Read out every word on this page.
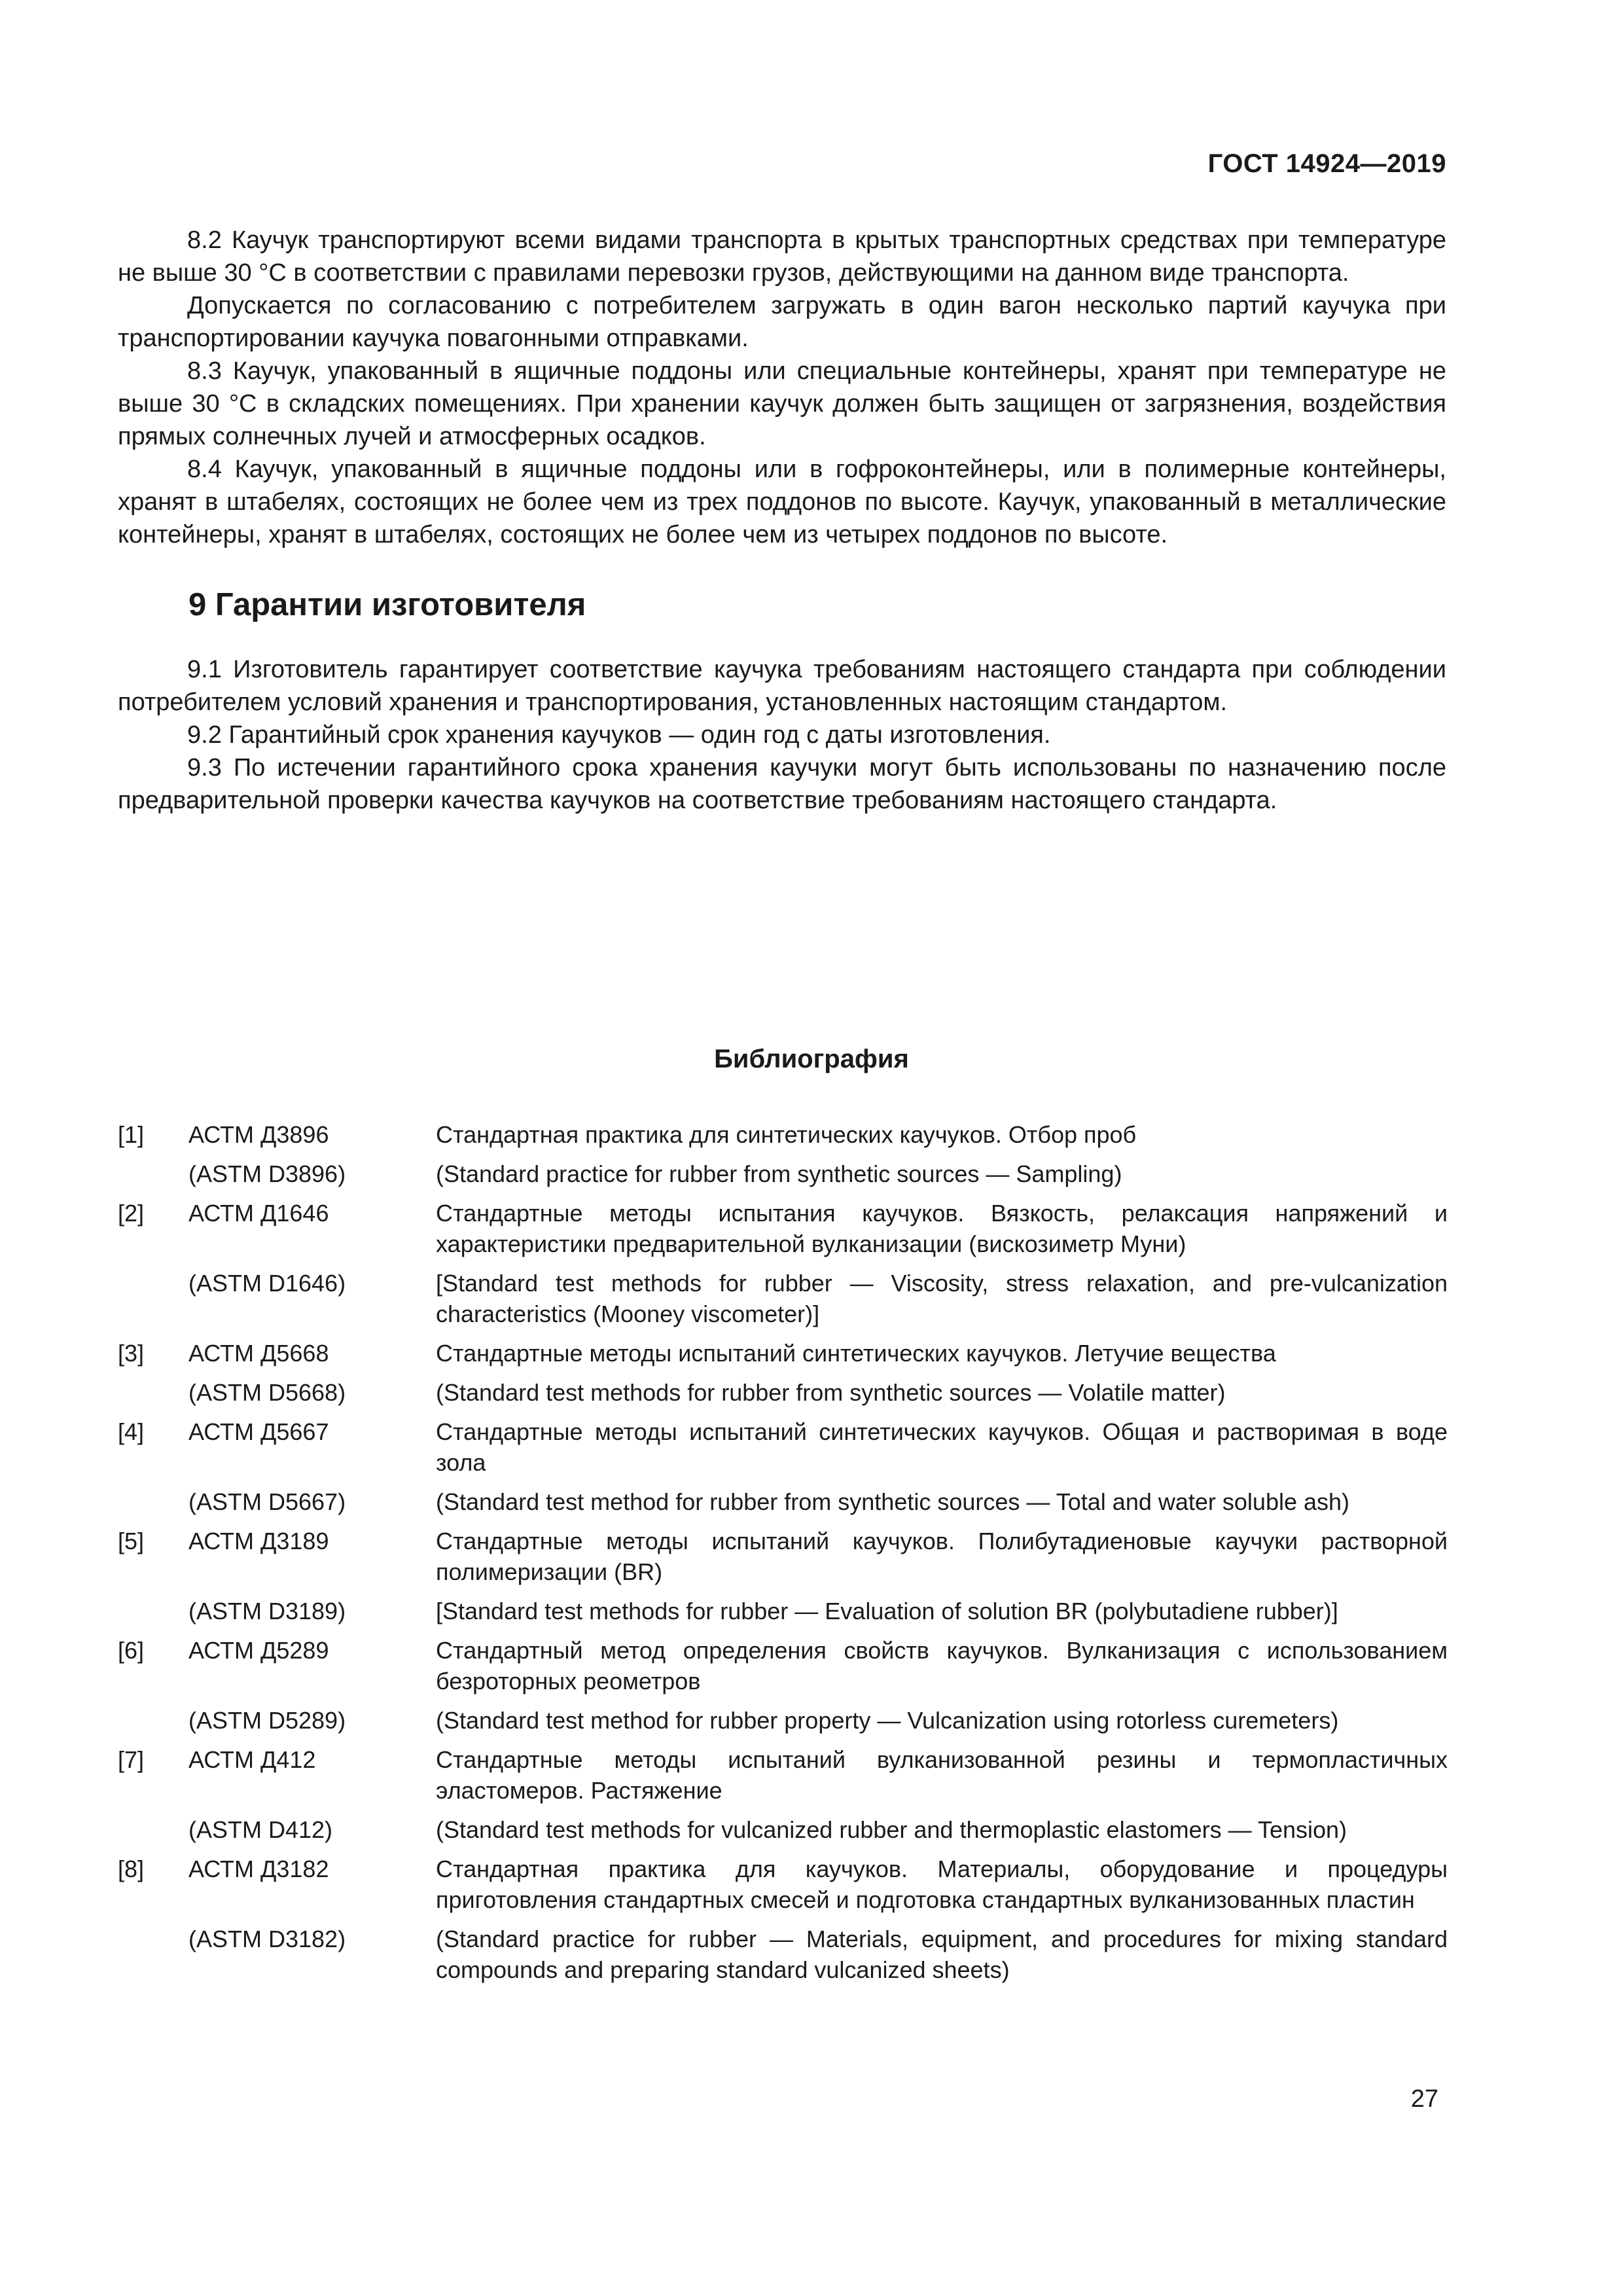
ГОСТ 14924—2019

8.2 Каучук транспортируют всеми видами транспорта в крытых транспортных средствах при температуре не выше 30 °С в соответствии с правилами перевозки грузов, действующими на данном виде транспорта.

Допускается по согласованию с потребителем загружать в один вагон несколько партий каучука при транспортировании каучука повагонными отправками.

8.3 Каучук, упакованный в ящичные поддоны или специальные контейнеры, хранят при температуре не выше 30 °С в складских помещениях. При хранении каучук должен быть защищен от загрязнения, воздействия прямых солнечных лучей и атмосферных осадков.

8.4 Каучук, упакованный в ящичные поддоны или в гофроконтейнеры, или в полимерные контейнеры, хранят в штабелях, состоящих не более чем из трех поддонов по высоте. Каучук, упакованный в металлические контейнеры, хранят в штабелях, состоящих не более чем из четырех поддонов по высоте.

9 Гарантии изготовителя

9.1 Изготовитель гарантирует соответствие каучука требованиям настоящего стандарта при соблюдении потребителем условий хранения и транспортирования, установленных настоящим стандартом.

9.2 Гарантийный срок хранения каучуков — один год с даты изготовления.

9.3 По истечении гарантийного срока хранения каучуки могут быть использованы по назначению после предварительной проверки качества каучуков на соответствие требованиям настоящего стандарта.

Библиография
[1]	АСТМ Д3896	Стандартная практика для синтетических каучуков. Отбор проб
	(ASTM D3896)	(Standard practice for rubber from synthetic sources — Sampling)
[2]	АСТМ Д1646	Стандартные методы испытания каучуков. Вязкость, релаксация напряжений и характеристики предварительной вулканизации (вискозиметр Муни)
	(ASTM D1646)	[Standard test methods for rubber — Viscosity, stress relaxation, and pre-vulcanization characteristics (Mooney viscometer)]
[3]	АСТМ Д5668	Стандартные методы испытаний синтетических каучуков. Летучие вещества
	(ASTM D5668)	(Standard test methods for rubber from synthetic sources — Volatile matter)
[4]	АСТМ Д5667	Стандартные методы испытаний синтетических каучуков. Общая и растворимая в воде зола
	(ASTM D5667)	(Standard test method for rubber from synthetic sources — Total and water soluble ash)
[5]	АСТМ Д3189	Стандартные методы испытаний каучуков. Полибутадиеновые каучуки растворной полимеризации (BR)
	(ASTM D3189)	[Standard test methods for rubber — Evaluation of solution BR (polybutadiene rubber)]
[6]	АСТМ Д5289	Стандартный метод определения свойств каучуков. Вулканизация с использованием безроторных реометров
	(ASTM D5289)	(Standard test method for rubber property — Vulcanization using rotorless curemeters)
[7]	АСТМ Д412	Стандартные методы испытаний вулканизованной резины и термопластичных эластомеров. Растяжение
	(ASTM D412)	(Standard test methods for vulcanized rubber and thermoplastic elastomers — Tension)
[8]	АСТМ Д3182	Стандартная практика для каучуков. Материалы, оборудование и процедуры приготовления стандартных смесей и подготовка стандартных вулканизованных пластин
	(ASTM D3182)	(Standard practice for rubber — Materials, equipment, and procedures for mixing standard compounds and preparing standard vulcanized sheets)
27
